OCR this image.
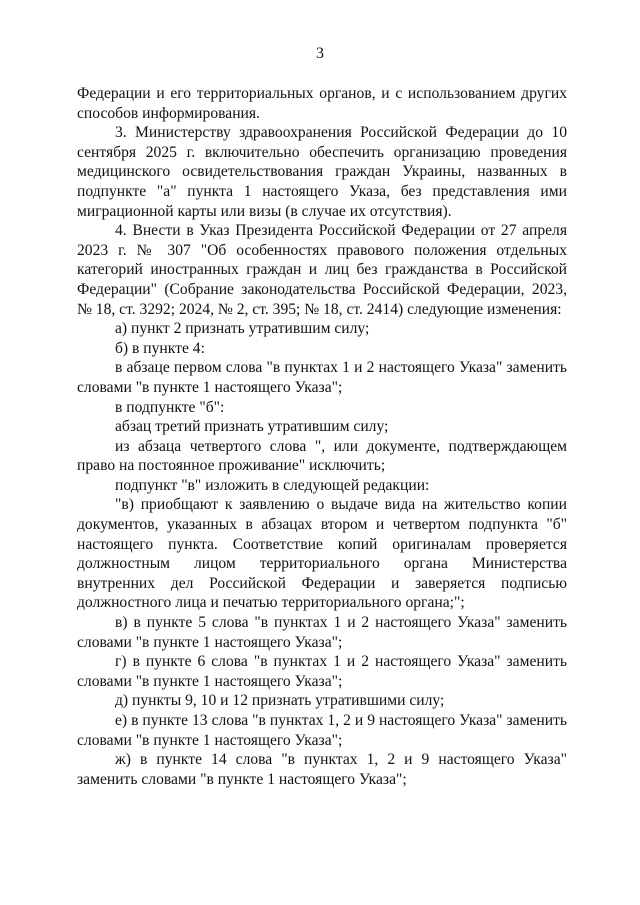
3

Федерации и его территориальных органов, и с использованием других способов информирования.

3. Министерству здравоохранения Российской Федерации до 10 сентября 2025 г. включительно обеспечить организацию проведения медицинского освидетельствования граждан Украины, названных в подпункте "а" пункта 1 настоящего Указа, без представления ими миграционной карты или визы (в случае их отсутствия).

4. Внести в Указ Президента Российской Федерации от 27 апреля 2023 г. № 307 "Об особенностях правового положения отдельных категорий иностранных граждан и лиц без гражданства в Российской Федерации" (Собрание законодательства Российской Федерации, 2023, № 18, ст. 3292; 2024, № 2, ст. 395; № 18, ст. 2414) следующие изменения:

а) пункт 2 признать утратившим силу;

б) в пункте 4:

в абзаце первом слова "в пунктах 1 и 2 настоящего Указа" заменить словами "в пункте 1 настоящего Указа";

в подпункте "б":

абзац третий признать утратившим силу;

из абзаца четвертого слова ", или документе, подтверждающем право на постоянное проживание" исключить;

подпункт "в" изложить в следующей редакции:

"в) приобщают к заявлению о выдаче вида на жительство копии документов, указанных в абзацах втором и четвертом подпункта "б" настоящего пункта. Соответствие копий оригиналам проверяется должностным лицом территориального органа Министерства внутренних дел Российской Федерации и заверяется подписью должностного лица и печатью территориального органа;";

в) в пункте 5 слова "в пунктах 1 и 2 настоящего Указа" заменить словами "в пункте 1 настоящего Указа";

г) в пункте 6 слова "в пунктах 1 и 2 настоящего Указа" заменить словами "в пункте 1 настоящего Указа";

д) пункты 9, 10 и 12 признать утратившими силу;

е) в пункте 13 слова "в пунктах 1, 2 и 9 настоящего Указа" заменить словами "в пункте 1 настоящего Указа";

ж) в пункте 14 слова "в пунктах 1, 2 и 9 настоящего Указа" заменить словами "в пункте 1 настоящего Указа";
